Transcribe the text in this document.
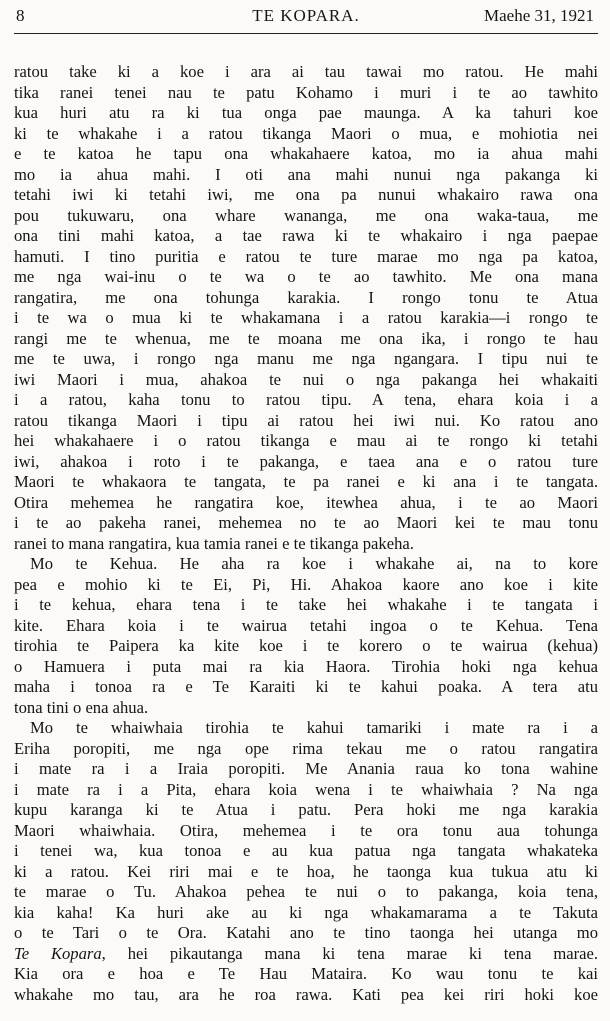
8	TE KOPARA.	Maehe 31, 1921
ratou take ki a koe i ara ai tau tawai mo ratou. He mahi
tika ranei tenei nau te patu Kohamo i muri i te ao tawhito
kua huri atu ra ki tua onga pae maunga. A ka tahuri koe
ki te whakahe i a ratou tikanga Maori o mua, e mohiotia nei
e te katoa he tapu ona whakahaere katoa, mo ia ahua mahi
mo ia ahua mahi. I oti ana mahi nunui nga pakanga ki
tetahi iwi ki tetahi iwi, me ona pa nunui whakairo rawa ona
pou tukuwaru, ona whare wananga, me ona waka-taua, me
ona tini mahi katoa, a tae rawa ki te whakairo i nga paepae
hamuti. I tino puritia e ratou te ture marae mo nga pa katoa,
me nga wai-inu o te wa o te ao tawhito. Me ona mana
rangatira, me ona tohunga karakia. I rongo tonu te Atua
i te wa o mua ki te whakamana i a ratou karakia—i rongo te
rangi me te whenua, me te moana me ona ika, i rongo te hau
me te uwa, i rongo nga manu me nga ngangara. I tipu nui te
iwi Maori i mua, ahakoa te nui o nga pakanga hei whakaiti
i a ratou, kaha tonu to ratou tipu. A tena, ehara koia i a
ratou tikanga Maori i tipu ai ratou hei iwi nui. Ko ratou ano
hei whakahaere i o ratou tikanga e mau ai te rongo ki tetahi
iwi, ahakoa i roto i te pakanga, e taea ana e o ratou ture
Maori te whakaora te tangata, te pa ranei e ki ana i te tangata.
Otira mehemea he rangatira koe, itewhea ahua, i te ao Maori
i te ao pakeha ranei, mehemea no te ao Maori kei te mau tonu
ranei to mana rangatira, kua tamia ranei e te tikanga pakeha.
Mo te Kehua. He aha ra koe i whakahe ai, na to kore
pea e mohio ki te Ei, Pi, Hi. Ahakoa kaore ano koe i kite
i te kehua, ehara tena i te take hei whakahe i te tangata i
kite. Ehara koia i te wairua tetahi ingoa o te Kehua. Tena
tirohia te Paipera ka kite koe i te korero o te wairua (kehua)
o Hamuera i puta mai ra kia Haora. Tirohia hoki nga kehua
maha i tonoa ra e Te Karaiti ki te kahui poaka. A tera atu
tona tini o ena ahua.
Mo te whaiwhaia tirohia te kahui tamariki i mate ra i a
Eriha poropiti, me nga ope rima tekau me o ratou rangatira
i mate ra i a Iraia poropiti. Me Anania raua ko tona wahine
i mate ra i a Pita, ehara koia wena i te whaiwhaia ? Na nga
kupu karanga ki te Atua i patu. Pera hoki me nga karakia
Maori whaiwhaia. Otira, mehemea i te ora tonu aua tohunga
i tenei wa, kua tonoa e au kua patua nga tangata whakateka
ki a ratou. Kei riri mai e te hoa, he taonga kua tukua atu ki
te marae o Tu. Ahakoa pehea te nui o to pakanga, koia tena,
kia kaha! Ka huri ake au ki nga whakamarama a te Takuta
o te Tari o te Ora. Katahi ano te tino taonga hei utanga mo
Te Kopara, hei pikautanga mana ki tena marae ki tena marae.
Kia ora e hoa e Te Hau Mataira. Ko wau tonu te kai
whakahe mo tau, ara he roa rawa. Kati pea kei riri hoki koe
